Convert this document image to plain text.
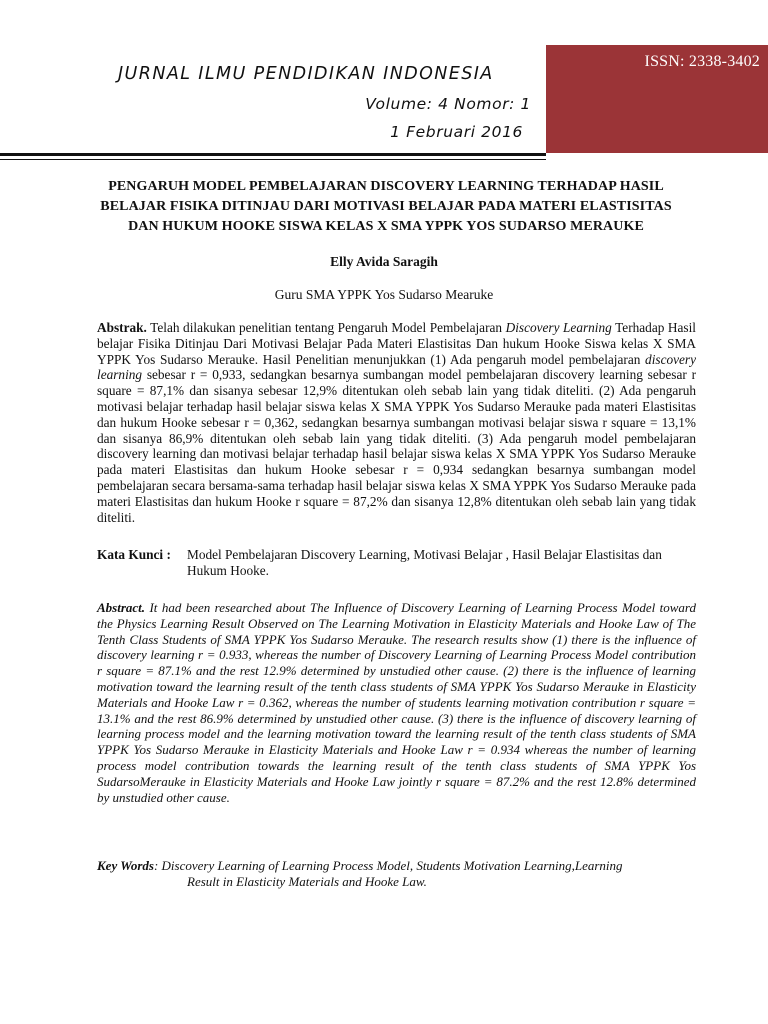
ISSN: 2338-3402
JURNAL ILMU PENDIDIKAN INDONESIA
Volume: 4 Nomor: 1
1 Februari 2016
PENGARUH MODEL PEMBELAJARAN DISCOVERY LEARNING TERHADAP HASIL
BELAJAR FISIKA DITINJAU DARI MOTIVASI BELAJAR PADA MATERI ELASTISITAS
DAN HUKUM HOOKE SISWA KELAS X SMA YPPK YOS SUDARSO MERAUKE
Elly Avida Saragih
Guru SMA YPPK Yos Sudarso Mearuke
Abstrak. Telah dilakukan penelitian tentang Pengaruh Model Pembelajaran Discovery Learning Terhadap Hasil belajar Fisika Ditinjau Dari Motivasi Belajar Pada Materi Elastisitas Dan hukum Hooke Siswa kelas X SMA YPPK Yos Sudarso Merauke. Hasil Penelitian menunjukkan (1) Ada pengaruh model pembelajaran discovery learning sebesar r = 0,933, sedangkan besarnya sumbangan model pembelajaran discovery learning sebesar r square = 87,1% dan sisanya sebesar 12,9% ditentukan oleh sebab lain yang tidak diteliti. (2) Ada pengaruh motivasi belajar terhadap hasil belajar siswa kelas X SMA YPPK Yos Sudarso Merauke pada materi Elastisitas dan hukum Hooke sebesar r = 0,362, sedangkan besarnya sumbangan motivasi belajar siswa r square = 13,1% dan sisanya 86,9% ditentukan oleh sebab lain yang tidak diteliti. (3) Ada pengaruh model pembelajaran discovery learning dan motivasi belajar terhadap hasil belajar siswa kelas X SMA YPPK Yos Sudarso Merauke pada materi Elastisitas dan hukum Hooke sebesar r = 0,934 sedangkan besarnya sumbangan model pembelajaran secara bersama-sama terhadap hasil belajar siswa kelas X SMA YPPK Yos Sudarso Merauke pada materi Elastisitas dan hukum Hooke r square = 87,2% dan sisanya 12,8% ditentukan oleh sebab lain yang tidak diteliti.
Kata Kunci : Model Pembelajaran Discovery Learning, Motivasi Belajar , Hasil Belajar Elastisitas dan Hukum Hooke.
Abstract. It had been researched about The Influence of Discovery Learning of Learning Process Model toward the Physics Learning Result Observed on The Learning Motivation in Elasticity Materials and Hooke Law of The Tenth Class Students of SMA YPPK Yos Sudarso Merauke. The research results show (1) there is the influence of discovery learning r = 0.933, whereas the number of Discovery Learning of Learning Process Model contribution r square = 87.1% and the rest 12.9% determined by unstudied other cause. (2) there is the influence of learning motivation toward the learning result of the tenth class students of SMA YPPK Yos Sudarso Merauke in Elasticity Materials and Hooke Law r = 0.362, whereas the number of students learning motivation contribution r square = 13.1% and the rest 86.9% determined by unstudied other cause. (3) there is the influence of discovery learning of learning process model and the learning motivation toward the learning result of the tenth class students of SMA YPPK Yos Sudarso Merauke in Elasticity Materials and Hooke Law r = 0.934 whereas the number of learning process model contribution towards the learning result of the tenth class students of SMA YPPK Yos SudarsoMerauke in Elasticity Materials and Hooke Law jointly r square = 87.2% and the rest 12.8% determined by unstudied other cause.
Key Words: Discovery Learning of Learning Process Model, Students Motivation Learning,Learning
Result in Elasticity Materials and Hooke Law.
